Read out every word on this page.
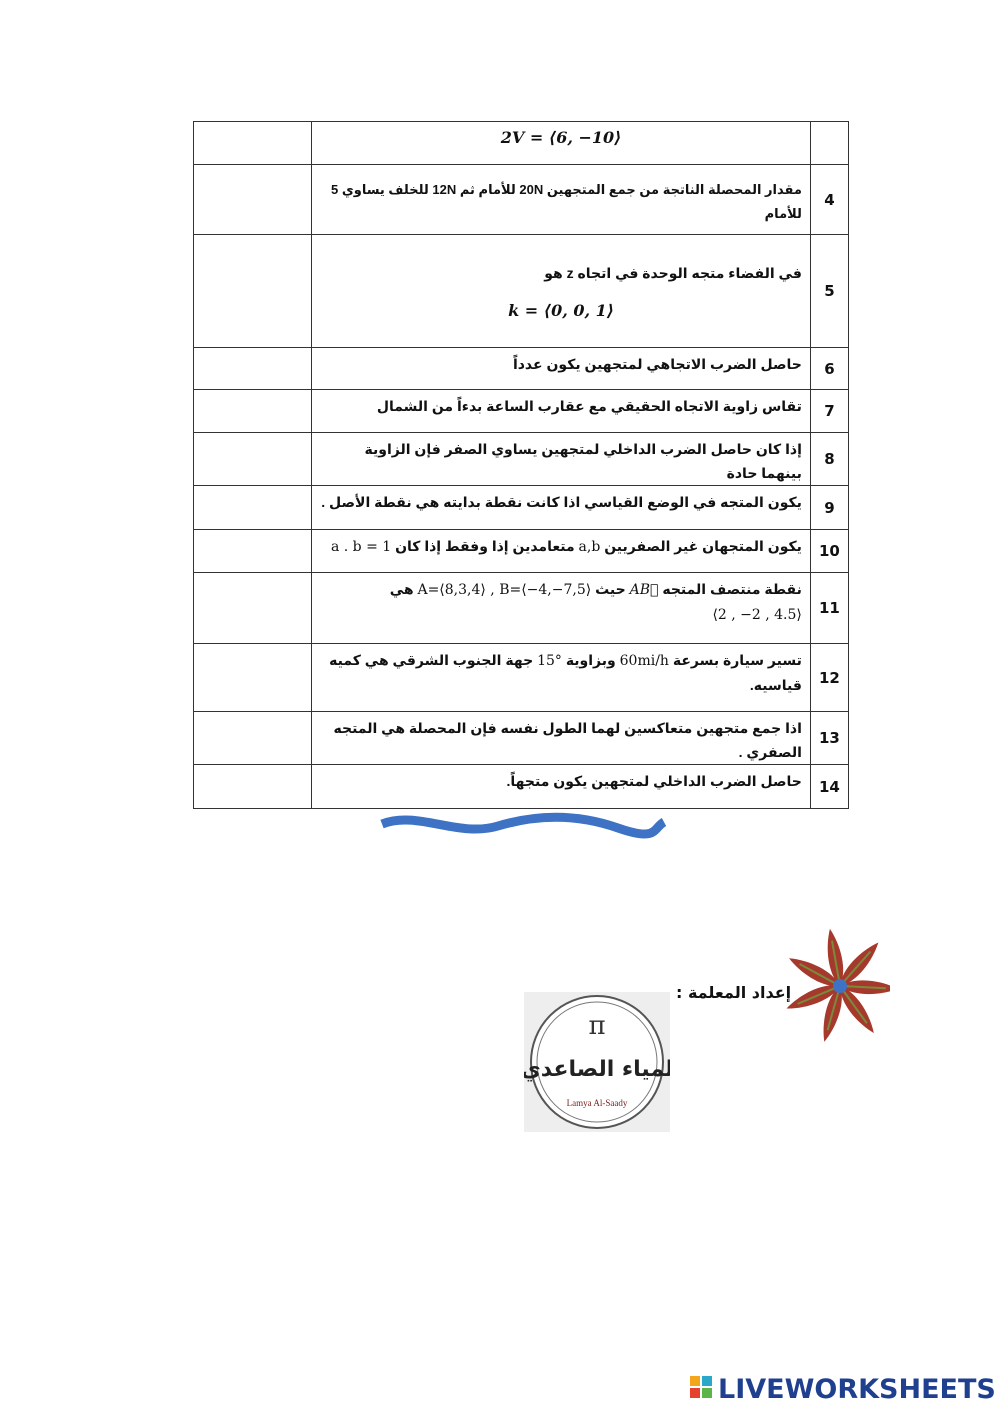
	2V = ⟨6, −10⟩	

	مقدار المحصلة الناتجة من جمع المتجهين 20N للأمام ثم 12N للخلف يساوي 5 للأمام	4

	في الفضاء متجه الوحدة في اتجاه z هو
k = ⟨0, 0, 1⟩	5
	حاصل الضرب الاتجاهي لمتجهين يكون عدداً	6
	تقاس زاوية الاتجاه الحقيقي مع عقارب الساعة بدءاً من الشمال	7
	إذا كان حاصل الضرب الداخلي لمتجهين يساوي الصفر فإن الزاوية بينهما حادة	8
	يكون المتجه في الوضع القياسي اذا كانت نقطة بدايته هي نقطة الأصل .	9
	يكون المتجهان غير الصفريين a,b متعامدين إذا وفقط إذا كان a . b = 1	10
	نقطة منتصف المتجه AB⃗ حيث A=⟨8,3,4⟩ , B=⟨−4,−7,5⟩ هي
⟨2 , −2 , 4.5⟩	11
	تسير سيارة بسرعة 60mi/h وبزاوية 15° جهة الجنوب الشرقي هي كميه قياسيه.	12
	اذا جمع متجهين متعاكسين لهما الطول نفسه فإن المحصلة هي المتجه الصفري .	13
	حاصل الضرب الداخلي لمتجهين يكون متجهاً.	14
إعداد المعلمة :
π
لمياء الصاعدي
Lamya Al-Saady
LIVEWORKSHEETS
